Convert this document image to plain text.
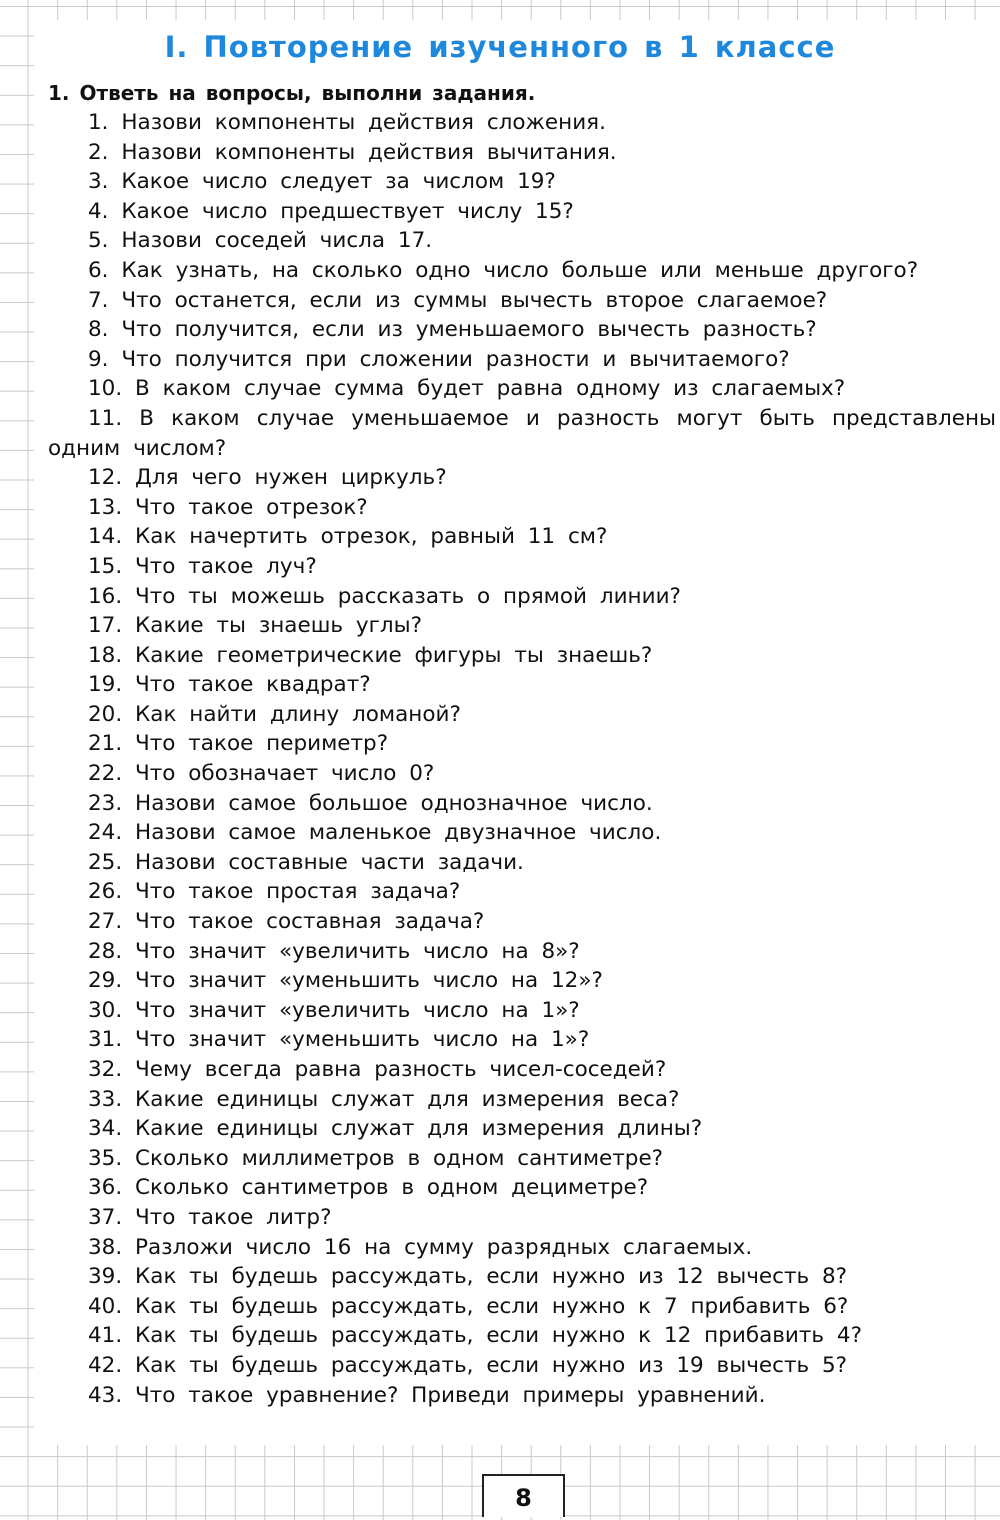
I. Повторение изученного в 1 классе
1. Ответь на вопросы, выполни задания.
1. Назови компоненты действия сложения.
2. Назови компоненты действия вычитания.
3. Какое число следует за числом 19?
4. Какое число предшествует числу 15?
5. Назови соседей числа 17.
6. Как узнать, на сколько одно число больше или меньше другого?
7. Что останется, если из суммы вычесть второе слагаемое?
8. Что получится, если из уменьшаемого вычесть разность?
9. Что получится при сложении разности и вычитаемого?
10. В каком случае сумма будет равна одному из слагаемых?
11. В каком случае уменьшаемое и разность могут быть представлены одним числом?
12. Для чего нужен циркуль?
13. Что такое отрезок?
14. Как начертить отрезок, равный 11 см?
15. Что такое луч?
16. Что ты можешь рассказать о прямой линии?
17. Какие ты знаешь углы?
18. Какие геометрические фигуры ты знаешь?
19. Что такое квадрат?
20. Как найти длину ломаной?
21. Что такое периметр?
22. Что обозначает число 0?
23. Назови самое большое однозначное число.
24. Назови самое маленькое двузначное число.
25. Назови составные части задачи.
26. Что такое простая задача?
27. Что такое составная задача?
28. Что значит «увеличить число на 8»?
29. Что значит «уменьшить число на 12»?
30. Что значит «увеличить число на 1»?
31. Что значит «уменьшить число на 1»?
32. Чему всегда равна разность чисел-соседей?
33. Какие единицы служат для измерения веса?
34. Какие единицы служат для измерения длины?
35. Сколько миллиметров в одном сантиметре?
36. Сколько сантиметров в одном дециметре?
37. Что такое литр?
38. Разложи число 16 на сумму разрядных слагаемых.
39. Как ты будешь рассуждать, если нужно из 12 вычесть 8?
40. Как ты будешь рассуждать, если нужно к 7 прибавить 6?
41. Как ты будешь рассуждать, если нужно к 12 прибавить 4?
42. Как ты будешь рассуждать, если нужно из 19 вычесть 5?
43. Что такое уравнение? Приведи примеры уравнений.
8
